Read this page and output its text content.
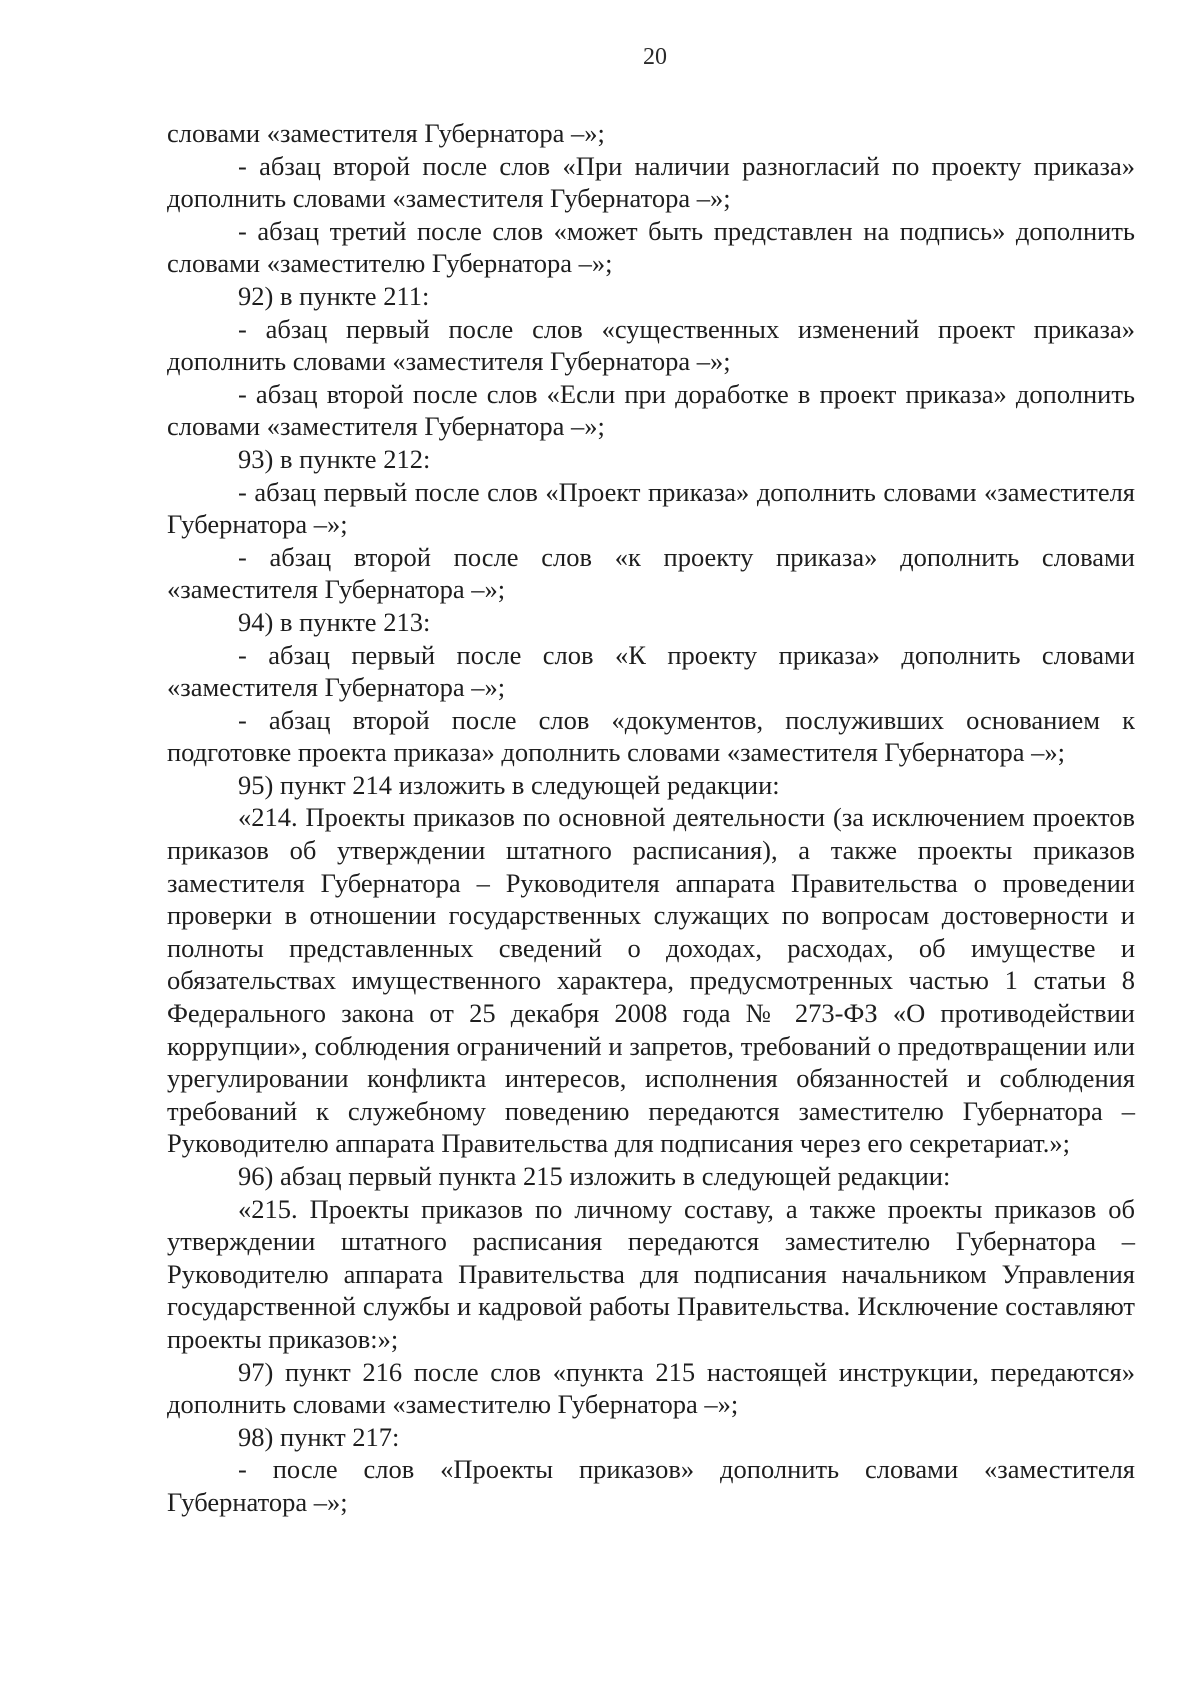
20

словами «заместителя Губернатора –»;

- абзац второй после слов «При наличии разногласий по проекту приказа» дополнить словами «заместителя Губернатора –»;

- абзац третий после слов «может быть представлен на подпись» дополнить словами «заместителю Губернатора –»;

92) в пункте 211:

- абзац первый после слов «существенных изменений проект приказа» дополнить словами «заместителя Губернатора –»;

- абзац второй после слов «Если при доработке в проект приказа» дополнить словами «заместителя Губернатора –»;

93) в пункте 212:

- абзац первый после слов «Проект приказа» дополнить словами «заместителя Губернатора –»;

- абзац второй после слов «к проекту приказа» дополнить словами «заместителя Губернатора –»;

94) в пункте 213:

- абзац первый после слов «К проекту приказа» дополнить словами «заместителя Губернатора –»;

- абзац второй после слов «документов, послуживших основанием к подготовке проекта приказа» дополнить словами «заместителя Губернатора –»;

95) пункт 214 изложить в следующей редакции:

«214. Проекты приказов по основной деятельности (за исключением проектов приказов об утверждении штатного расписания), а также проекты приказов заместителя Губернатора – Руководителя аппарата Правительства о проведении проверки в отношении государственных служащих по вопросам достоверности и полноты представленных сведений о доходах, расходах, об имуществе и обязательствах имущественного характера, предусмотренных частью 1 статьи 8 Федерального закона от 25 декабря 2008 года № 273-ФЗ «О противодействии коррупции», соблюдения ограничений и запретов, требований о предотвращении или урегулировании конфликта интересов, исполнения обязанностей и соблюдения требований к служебному поведению передаются заместителю Губернатора – Руководителю аппарата Правительства для подписания через его секретариат.»;

96) абзац первый пункта 215 изложить в следующей редакции:

«215. Проекты приказов по личному составу, а также проекты приказов об утверждении штатного расписания передаются заместителю Губернатора – Руководителю аппарата Правительства для подписания начальником Управления государственной службы и кадровой работы Правительства. Исключение составляют проекты приказов:»;

97) пункт 216 после слов «пункта 215 настоящей инструкции, передаются» дополнить словами «заместителю Губернатора –»;

98) пункт 217:

- после слов «Проекты приказов» дополнить словами «заместителя Губернатора –»;
